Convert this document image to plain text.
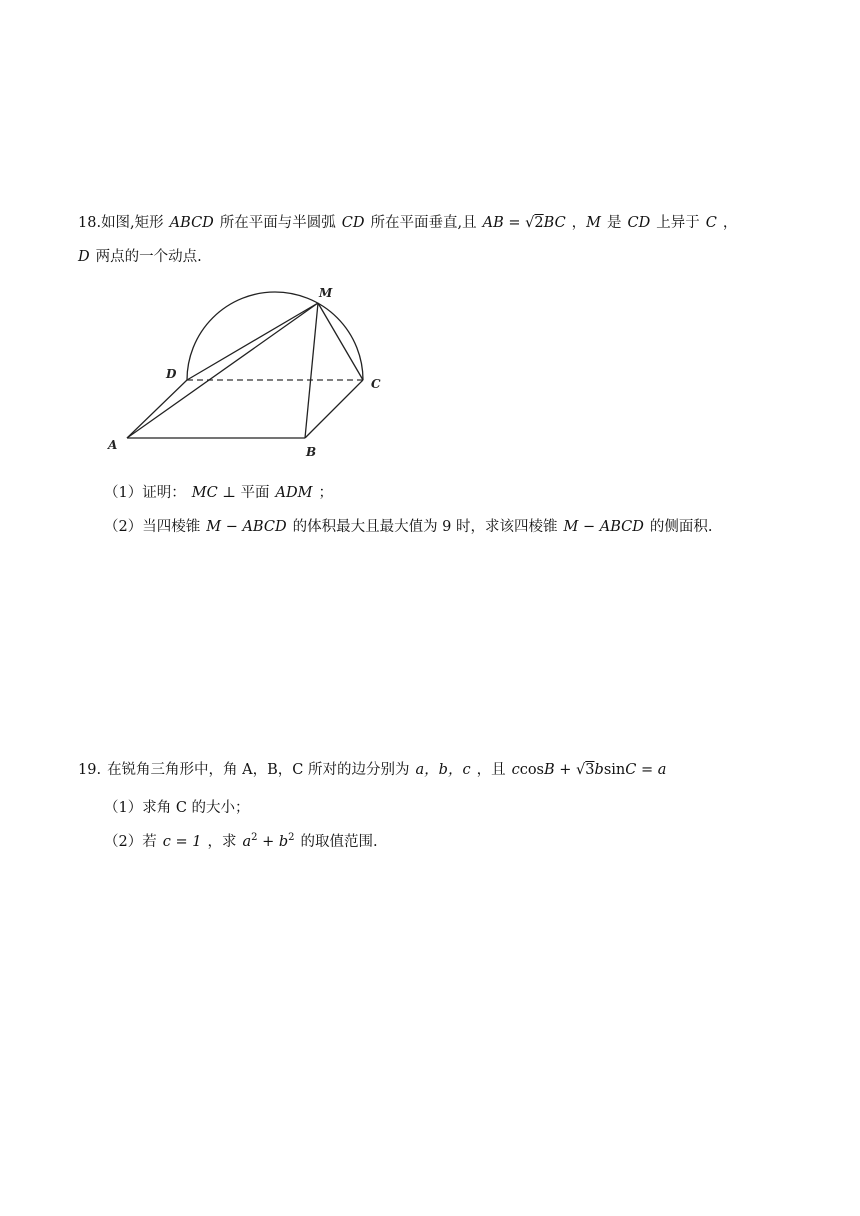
18.如图,矩形 ABCD 所在平面与半圆弧 CD 所在平面垂直,且 AB = √2BC ，M 是 CD 上异于 C ，
D 两点的一个动点.
M
D
C
A	B
（1）证明： MC ⊥ 平面 ADM ；
（2）当四棱锥 M − ABCD 的体积最大且最大值为 9 时，求该四棱锥 M − ABCD 的侧面积.
19. 在锐角三角形中，角 A，B，C 所对的边分别为 a，b，c ，且 ccosB + √3bsinC = a
（1）求角 C 的大小；
（2）若 c = 1 ，求 $a^2 + b^2$ 的取值范围.
